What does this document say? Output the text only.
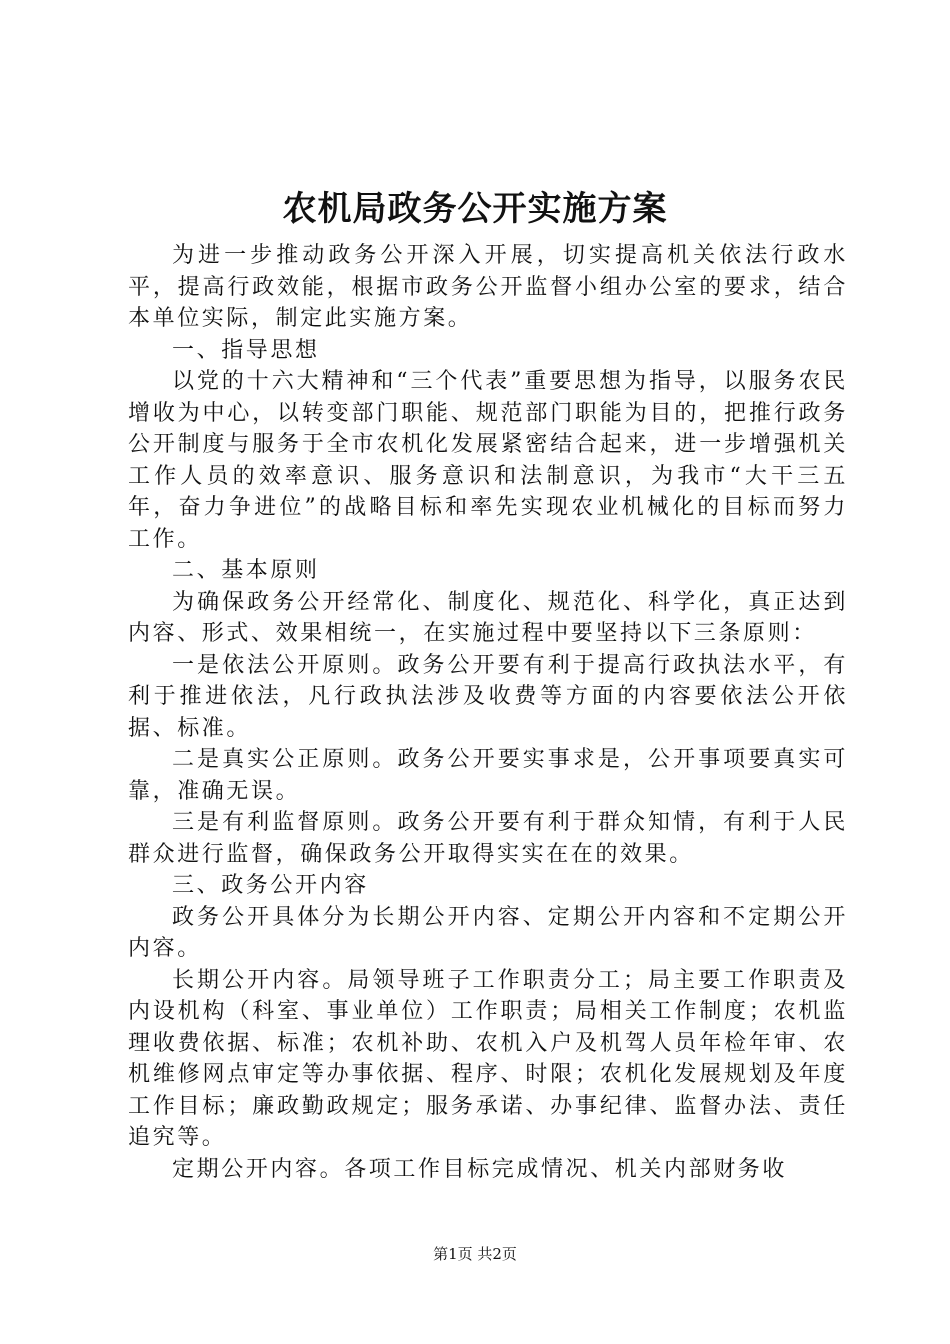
农机局政务公开实施方案

为进一步推动政务公开深入开展，切实提高机关依法行政水平，提高行政效能，根据市政务公开监督小组办公室的要求，结合本单位实际，制定此实施方案。

一、指导思想

以党的十六大精神和“三个代表”重要思想为指导，以服务农民增收为中心，以转变部门职能、规范部门职能为目的，把推行政务公开制度与服务于全市农机化发展紧密结合起来，进一步增强机关工作人员的效率意识、服务意识和法制意识，为我市“大干三五年，奋力争进位”的战略目标和率先实现农业机械化的目标而努力工作。

二、基本原则

为确保政务公开经常化、制度化、规范化、科学化，真正达到内容、形式、效果相统一，在实施过程中要坚持以下三条原则：

一是依法公开原则。政务公开要有利于提高行政执法水平，有利于推进依法，凡行政执法涉及收费等方面的内容要依法公开依据、标准。

二是真实公正原则。政务公开要实事求是，公开事项要真实可靠，准确无误。

三是有利监督原则。政务公开要有利于群众知情，有利于人民群众进行监督，确保政务公开取得实实在在的效果。

三、政务公开内容

政务公开具体分为长期公开内容、定期公开内容和不定期公开内容。

长期公开内容。局领导班子工作职责分工；局主要工作职责及内设机构（科室、事业单位）工作职责；局相关工作制度；农机监理收费依据、标准；农机补助、农机入户及机驾人员年检年审、农机维修网点审定等办事依据、程序、时限；农机化发展规划及年度工作目标；廉政勤政规定；服务承诺、办事纪律、监督办法、责任追究等。

定期公开内容。各项工作目标完成情况、机关内部财务收

第1页 共2页
